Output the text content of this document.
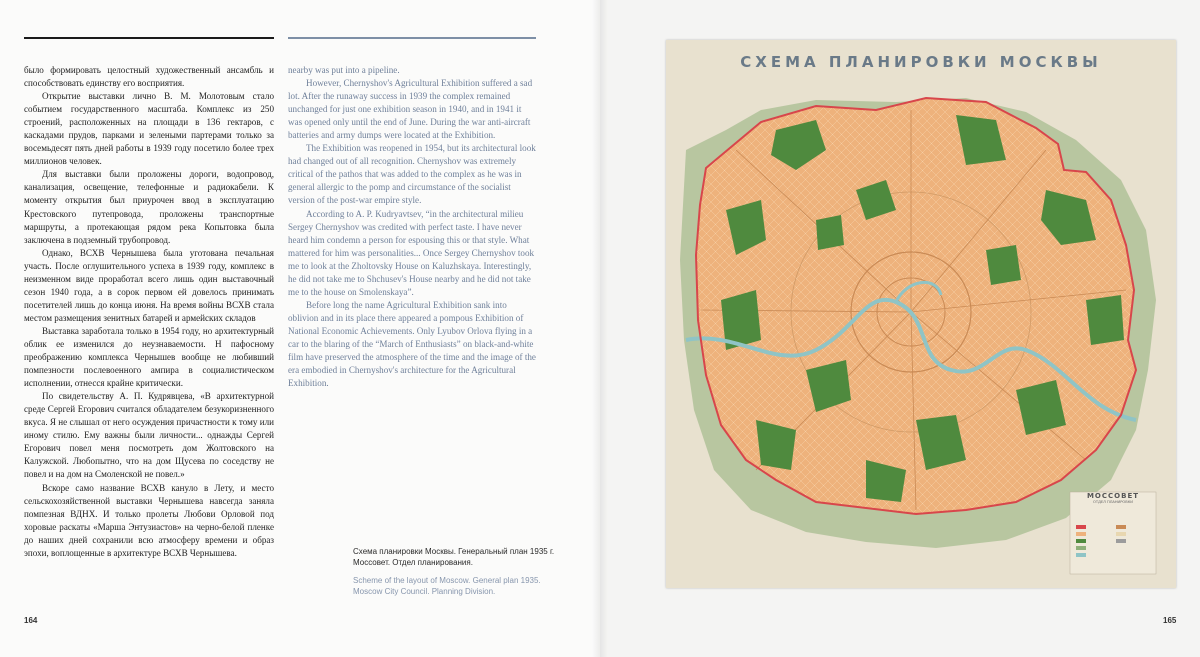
было формировать целостный художественный ансамбль и способствовать единству его восприятия.

Открытие выставки лично В. М. Молотовым стало событием государственного масштаба. Комплекс из 250 строений, расположенных на площади в 136 гектаров, с каскадами прудов, парками и зелеными партерами только за восемьдесят пять дней работы в 1939 году посетило более трех миллионов человек.

Для выставки были проложены дороги, водопровод, канализация, освещение, телефонные и радиокабели. К моменту открытия был приурочен ввод в эксплуатацию Крестовского путепровода, проложены транспортные маршруты, а протекающая рядом река Копытовка была заключена в подземный трубопровод.

Однако, ВСХВ Чернышева была уготована печальная участь. После оглушительного успеха в 1939 году, комплекс в неизменном виде проработал всего лишь один выставочный сезон 1940 года, а в сорок первом ей довелось принимать посетителей лишь до конца июня. На время войны ВСХВ стала местом размещения зенитных батарей и армейских складов

Выставка заработала только в 1954 году, но архитектурный облик ее изменился до неузнаваемости. Н пафосному преображению комплекса Чернышев вообще не любивший помпезности послевоенного ампира в социалистическом исполнении, отнесся крайне критически.

По свидетельству А. П. Кудрявцева, «В архитектурной среде Сергей Егорович считался обладателем безукоризненного вкуса. Я не слышал от него осуждения причастности к тому или иному стилю. Ему важны были личности... однажды Сергей Егорович повел меня посмотреть дом Жолтовского на Калужской. Любопытно, что на дом Щусева по соседству не повел и на дом на Смоленской не повел.»

Вскоре само название ВСХВ кануло в Лету, и место сельскохозяйственной выставки Чернышева навсегда заняла помпезная ВДНХ. И только пролеты Любови Орловой под хоровые раскаты «Марша Энтузиастов» на черно-белой пленке до наших дней сохранили всю атмосферу времени и образ эпохи, воплощенные в архитектуре ВСХВ Чернышева.

nearby was put into a pipeline.

However, Chernyshov's Agricultural Exhibition suffered a sad lot. After the runaway success in 1939 the complex remained unchanged for just one exhibition season in 1940, and in 1941 it was opened only until the end of June. During the war anti-aircraft batteries and army dumps were located at the Exhibition.

The Exhibition was reopened in 1954, but its architectural look had changed out of all recognition. Chernyshov was extremely critical of the pathos that was added to the complex as he was in general allergic to the pomp and circumstance of the socialist version of the post-war empire style.

According to A. P. Kudryavtsev, “in the architectural milieu Sergey Chernyshov was credited with perfect taste. I have never heard him condemn a person for espousing this or that style. What mattered for him was personalities... Once Sergey Chernyshov took me to look at the Zholtovsky House on Kaluzhskaya. Interestingly, he did not take me to Shchusev's House nearby and he did not take me to the house on Smolenskaya”.

Before long the name Agricultural Exhibition sank into oblivion and in its place there appeared a pompous Exhibition of National Economic Achievements. Only Lyubov Orlova flying in a car to the blaring of the “March of Enthusiasts” on black-and-white film have preserved the atmosphere of the time and the image of the era embodied in Chernyshov's architecture for the Agricultural Exhibition.

Схема планировки Москвы. Генеральный план 1935 г. Моссовет. Отдел планирования.
Scheme of the layout of Moscow. General plan 1935. Moscow City Council. Planning Division.
164	165
СХЕМА ПЛАНИРОВКИ МОСКВЫ
МОССОВЕТ
ОТДЕЛ ПЛАНИРОВКИ
